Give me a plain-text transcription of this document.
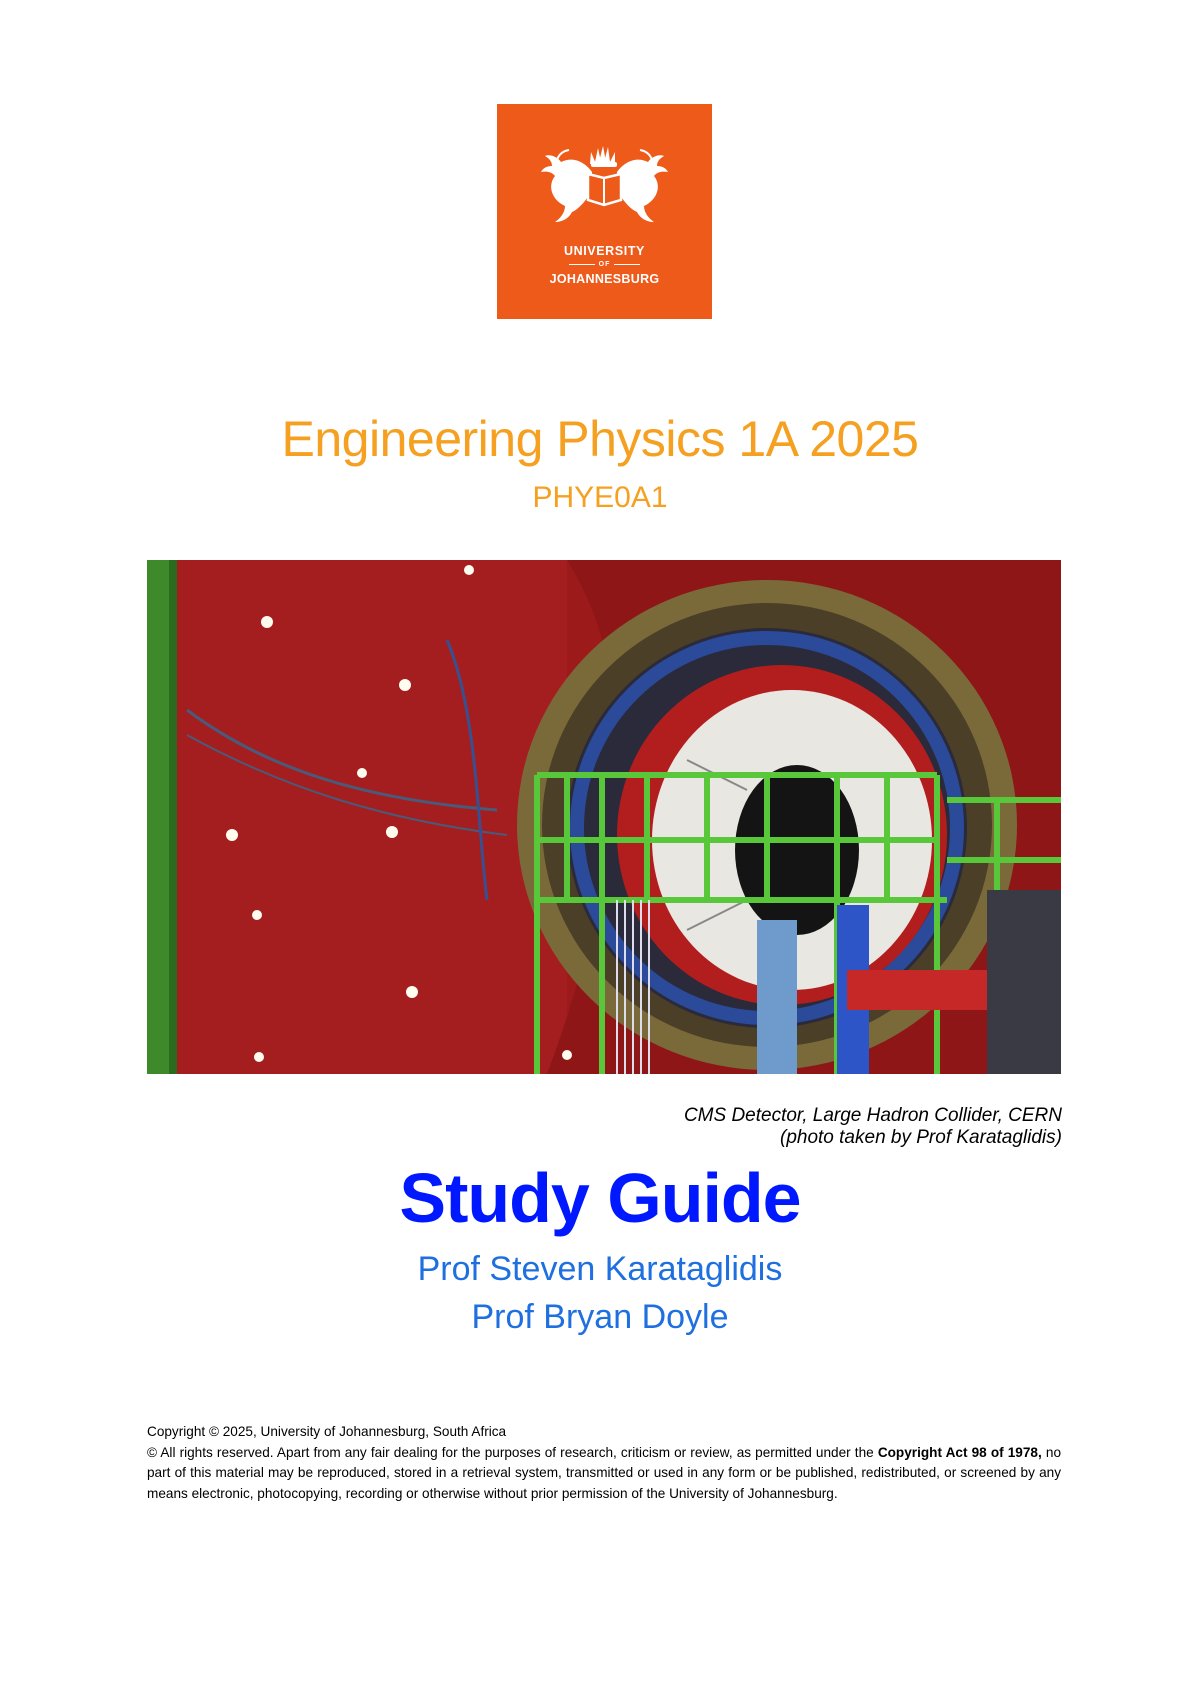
UNIVERSITY
OF
JOHANNESBURG
Engineering Physics 1A 2025
PHYE0A1
CMS Detector, Large Hadron Collider, CERN
(photo taken by Prof Karataglidis)
Study Guide
Prof Steven Karataglidis
Prof Bryan Doyle

Copyright © 2025, University of Johannesburg, South Africa

© All rights reserved. Apart from any fair dealing for the purposes of research, criticism or review, as permitted under the Copyright Act 98 of 1978, no part of this material may be reproduced, stored in a retrieval system, transmitted or used in any form or be published, redistributed, or screened by any means electronic, photocopying, recording or otherwise without prior permission of the University of Johannesburg.
